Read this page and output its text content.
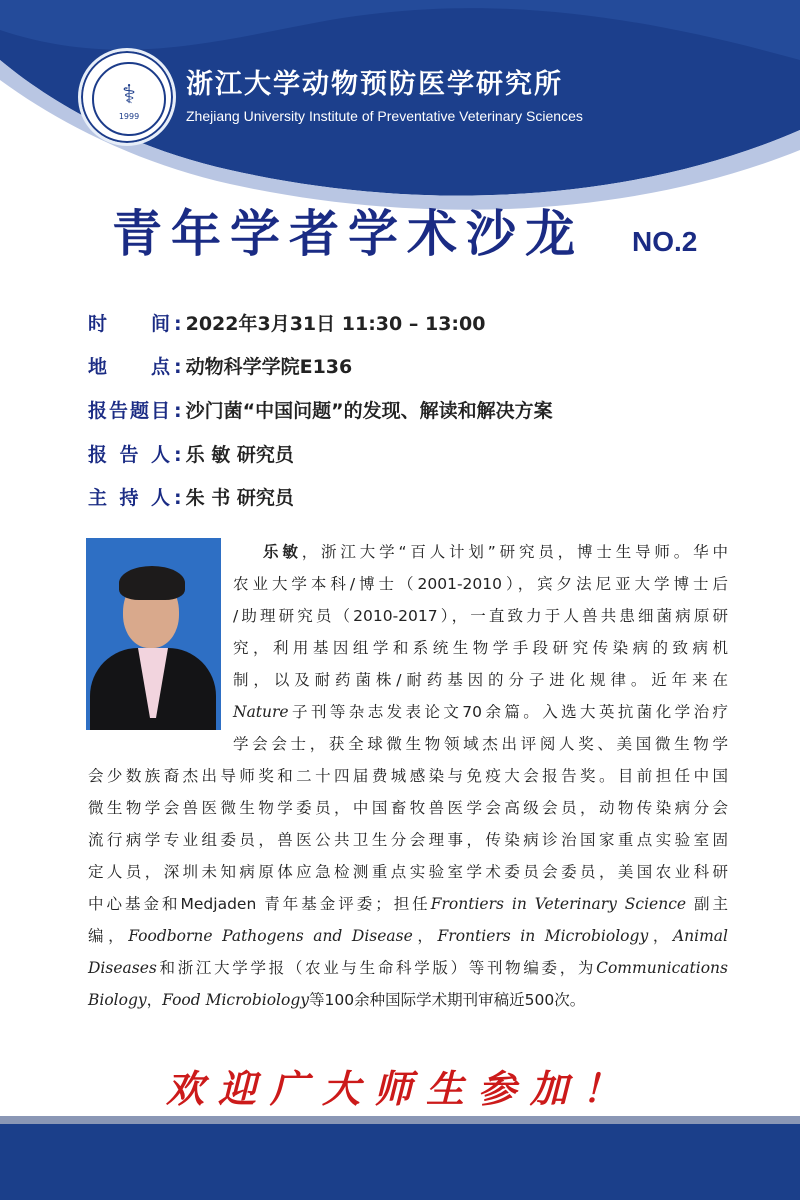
⚕
1999
浙江大学动物预防医学研究所
Zhejiang University Institute of Preventative Veterinary Sciences
青年学者学术沙龙 NO.2
时 间 : 2022年3月31日 11:30 – 13:00
地 点 : 动物科学学院E136
报告题目 : 沙门菌“中国问题”的发现、解读和解决方案
报 告 人 : 乐 敏 研究员
主 持 人 : 朱 书 研究员
乐敏，浙江大学“百人计划”研究员，博士生导师。华中
农业大学本科/博士（2001-2010），宾夕法尼亚大学博士后
/助理研究员（2010-2017），一直致力于人兽共患细菌病原研
究，利用基因组学和系统生物学手段研究传染病的致病机
制，以及耐药菌株/耐药基因的分子进化规律。近年来在
Nature子刊等杂志发表论文70余篇。入选大英抗菌化学治疗
学会会士，获全球微生物领域杰出评阅人奖、美国微生物学
会少数族裔杰出导师奖和二十四届费城感染与免疫大会报告奖。目前担任中国
微生物学会兽医微生物学委员，中国畜牧兽医学会高级会员，动物传染病分会
流行病学专业组委员，兽医公共卫生分会理事，传染病诊治国家重点实验室固
定人员，深圳未知病原体应急检测重点实验室学术委员会委员，美国农业科研
中心基金和Medjaden 青年基金评委；担任Frontiers in Veterinary Science 副主
编，Foodborne Pathogens and Disease，Frontiers in Microbiology，Animal
Diseases和浙江大学学报（农业与生命科学版）等刊物编委，为Communications
Biology，Food Microbiology等100余种国际学术期刊审稿近500次。
欢迎广大师生参加！
